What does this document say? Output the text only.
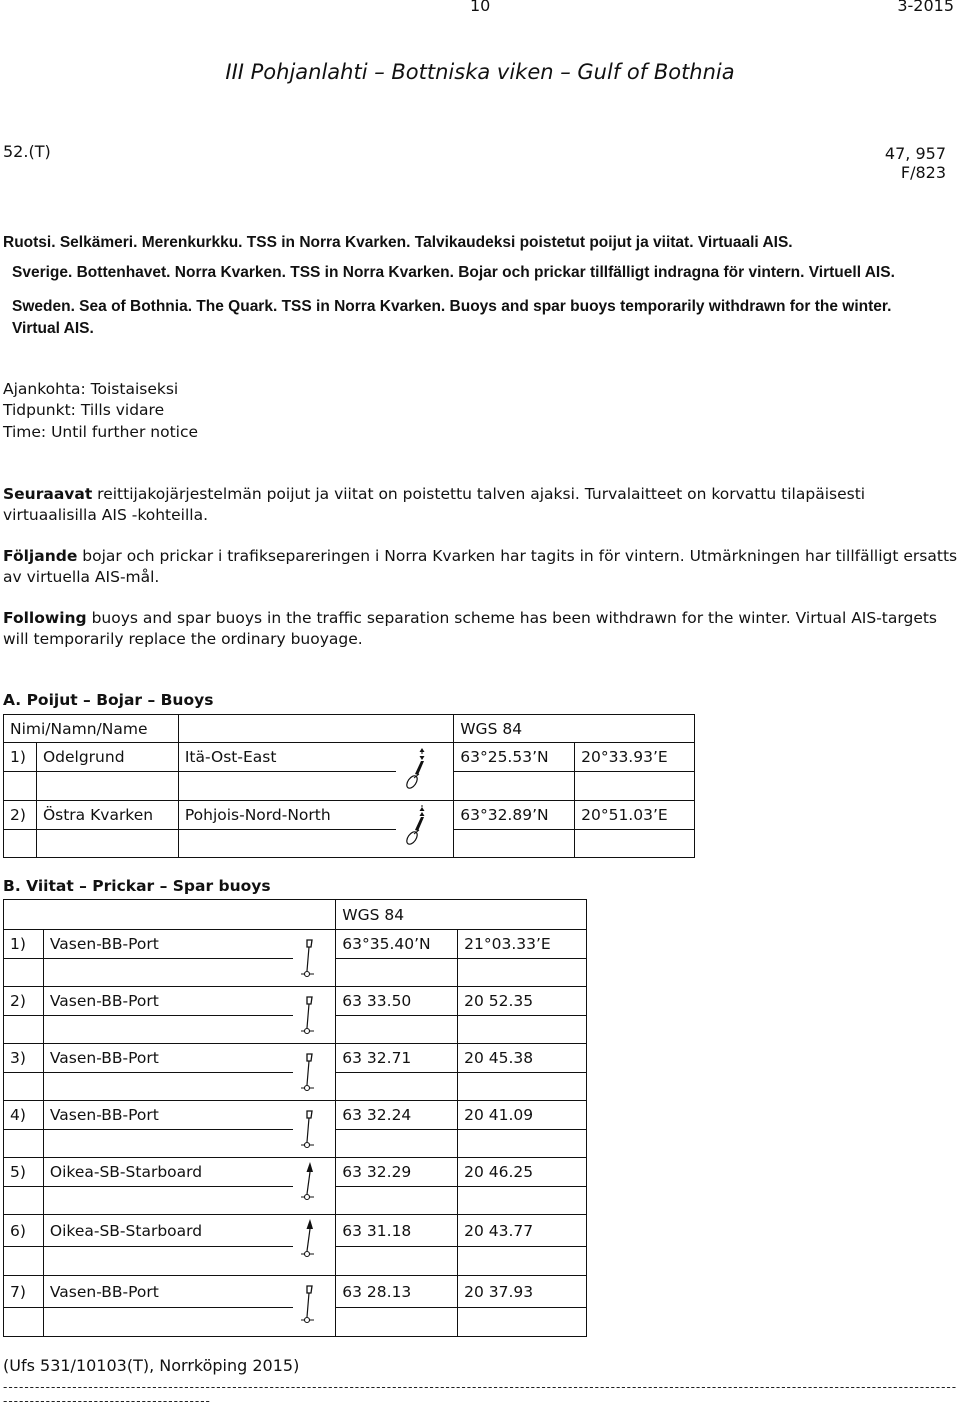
10	3-2015
III Pohjanlahti – Bottniska viken – Gulf of Bothnia
52.(T)	47, 957
F/823
Ruotsi. Selkämeri. Merenkurkku. TSS in Norra Kvarken. Talvikaudeksi poistetut poijut ja viitat. Virtuaali AIS.
Sverige. Bottenhavet. Norra Kvarken. TSS in Norra Kvarken. Bojar och prickar tillfälligt indragna för vintern. Virtuell AIS.
Sweden. Sea of Bothnia. The Quark. TSS in Norra Kvarken. Buoys and spar buoys temporarily withdrawn for the winter.
Virtual AIS.
Ajankohta: Toistaiseksi
Tidpunkt: Tills vidare
Time: Until further notice
Seuraavat reittijakojärjestelmän poijut ja viitat on poistettu talven ajaksi. Turvalaitteet on korvattu tilapäisesti virtuaalisilla AIS -kohteilla.
Följande bojar och prickar i trafiksepareringen i Norra Kvarken har tagits in för vintern. Utmärkningen har tillfälligt ersatts av virtuella AIS-mål.
Following buoys and spar buoys in the traffic separation scheme has been withdrawn for the winter. Virtual AIS-targets will temporarily replace the ordinary buoyage.
A. Poijut – Bojar – Buoys
Nimi/Namn/Name				WGS 84	
1)	Odelgrund	Itä-Ost-East		63°25.53’N	20°33.93’E

2)	Östra Kvarken	Pohjois-Nord-North		63°32.89’N	20°51.03’E

B. Viitat – Prickar – Spar buoys
			WGS 84	
1)	Vasen-BB-Port		63°35.40’N	21°03.33’E

2)	Vasen-BB-Port		63 33.50	20 52.35

3)	Vasen-BB-Port		63 32.71	20 45.38

4)	Vasen-BB-Port		63 32.24	20 41.09

5)	Oikea-SB-Starboard		63 32.29	20 46.25

6)	Oikea-SB-Starboard		63 31.18	20 43.77

7)	Vasen-BB-Port		63 28.13	20 37.93

(Ufs 531/10103(T), Norrköping 2015)
--------------------------------------------------------------------------------------------------------------------------------------------------------------------------------------------------------------------------
